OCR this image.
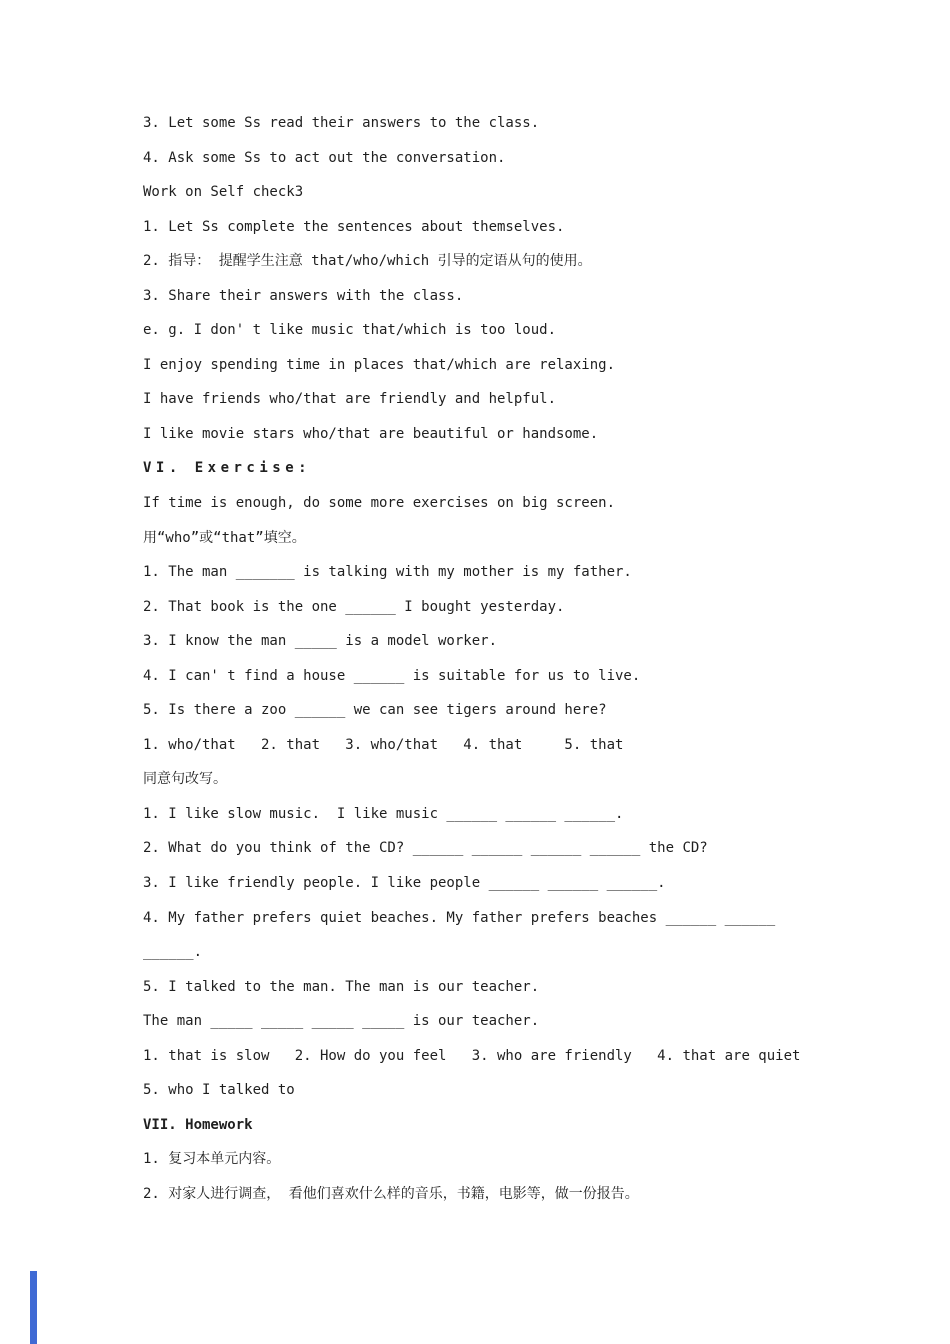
3. Let some Ss read their answers to the class.
4. Ask some Ss to act out the conversation.
Work on Self check3
1. Let Ss complete the sentences about themselves.
2. 指导： 提醒学生注意 that/who/which 引导的定语从句的使用。
3. Share their answers with the class.
e. g. I don' t like music that/which is too loud.
I enjoy spending time in places that/which are relaxing.
I have friends who/that are friendly and helpful.
I like movie stars who/that are beautiful or handsome.
VI. Exercise:
If time is enough, do some more exercises on big screen.
用“who”或“that”填空。
1. The man _______ is talking with my mother is my father.
2. That book is the one ______ I bought yesterday.
3. I know the man _____ is a model worker.
4. I can' t find a house ______ is suitable for us to live.
5. Is there a zoo ______ we can see tigers around here?
1. who/that   2. that   3. who/that   4. that     5. that
同意句改写。
1. I like slow music.  I like music ______ ______ ______.
2. What do you think of the CD? ______ ______ ______ ______ the CD?
3. I like friendly people. I like people ______ ______ ______.
4. My father prefers quiet beaches. My father prefers beaches ______ ______
______.
5. I talked to the man. The man is our teacher.
The man _____ _____ _____ _____ is our teacher.
1. that is slow   2. How do you feel   3. who are friendly   4. that are quiet
5. who I talked to
VII. Homework
1. 复习本单元内容。
2. 对家人进行调查， 看他们喜欢什么样的音乐，书籍，电影等，做一份报告。
